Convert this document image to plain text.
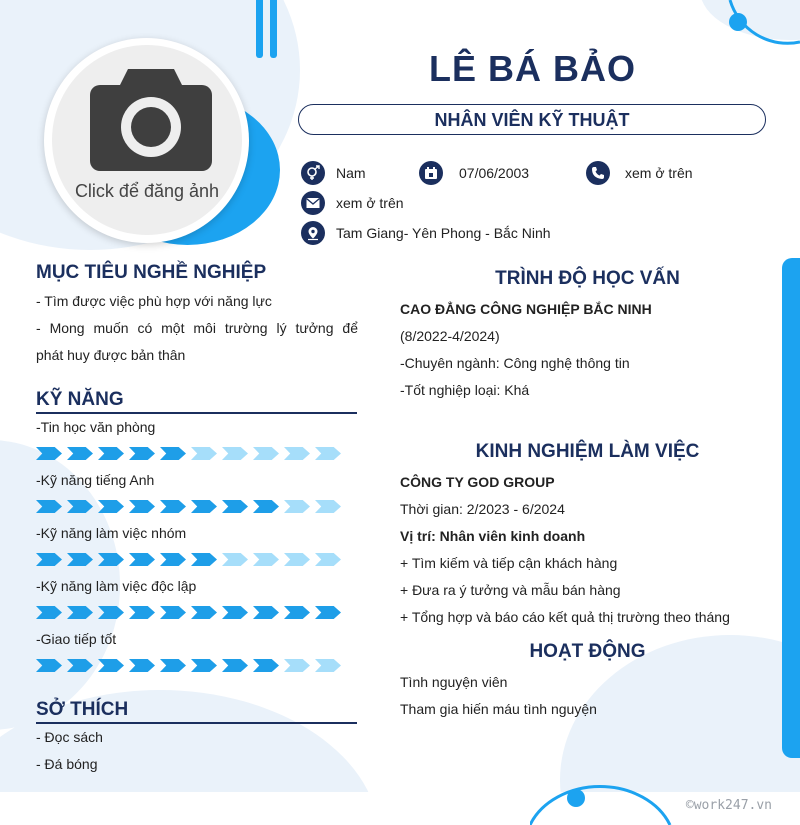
Click để đăng ảnh
LÊ BÁ BẢO
NHÂN VIÊN KỸ THUẬT
Nam	07/06/2003	xem ở trên
xem ở trên
Tam Giang- Yên Phong - Bắc Ninh
MỤC TIÊU NGHỀ NGHIỆP
- Tìm được việc phù hợp với năng lực
- Mong muốn có một môi trường lý tưởng để
phát huy được bản thân
KỸ NĂNG
-Tin học văn phòng
-Kỹ năng tiếng Anh
-Kỹ năng làm việc nhóm
-Kỹ năng làm việc độc lập
-Giao tiếp tốt
SỞ THÍCH
- Đọc sách
- Đá bóng
TRÌNH ĐỘ HỌC VẤN
CAO ĐẲNG CÔNG NGHIỆP BẮC NINH
(8/2022-4/2024)
-Chuyên ngành: Công nghệ thông tin
-Tốt nghiệp loại: Khá
KINH NGHIỆM LÀM VIỆC
CÔNG TY GOD GROUP
Thời gian: 2/2023 - 6/2024
Vị trí: Nhân viên kinh doanh
+ Tìm kiếm và tiếp cận khách hàng
+ Đưa ra ý tưởng và mẫu bán hàng
+ Tổng hợp và báo cáo kết quả thị trường theo tháng
HOẠT ĐỘNG
Tình nguyện viên
Tham gia hiến máu tình nguyện
©work247.vn
